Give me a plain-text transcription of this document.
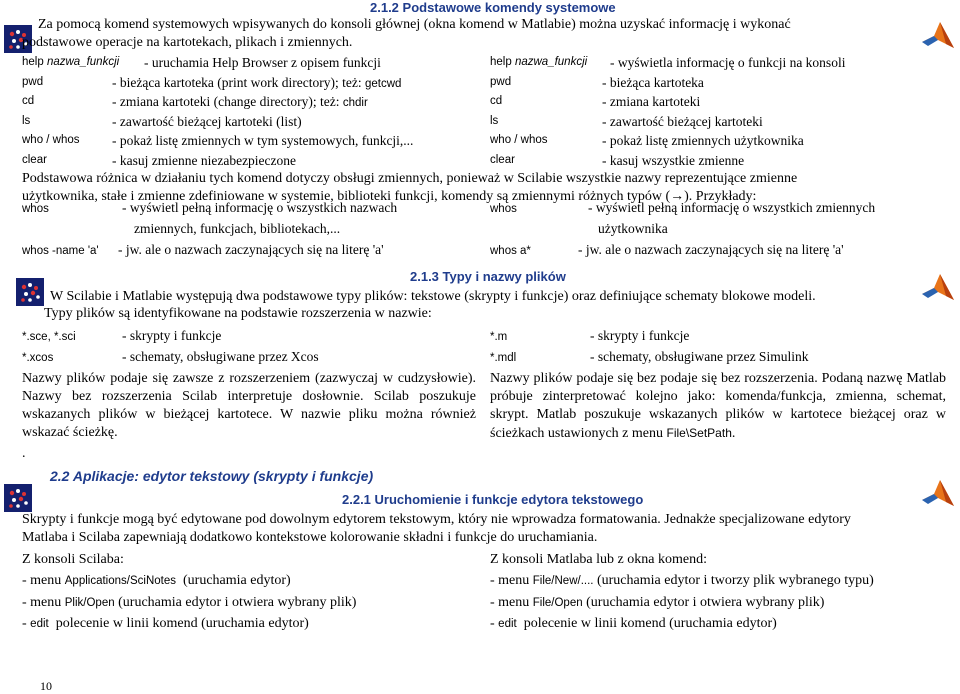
2.1.2 Podstawowe komendy systemowe
Za pomocą komend systemowych wpisywanych do konsoli głównej (okna komend w Matlabie) można uzyskać informację i wykonać
podstawowe operacje na kartotekach, plikach i zmiennych.
help nazwa_funkcji - uruchamia Help Browser z opisem funkcji
pwd	- bieżąca kartoteka (print work directory); też: getcwd
cd	- zmiana kartoteki (change directory); też: chdir
ls	- zawartość bieżącej kartoteki (list)
who / whos - pokaż listę zmiennych w tym systemowych, funkcji,...
clear	- kasuj zmienne niezabezpieczone
help nazwa_funkcji - wyświetla informację o funkcji na konsoli
pwd	- bieżąca kartoteka
cd	- zmiana kartoteki
ls	- zawartość bieżącej kartoteki
who / whos	- pokaż listę zmiennych użytkownika
clear	- kasuj wszystkie zmienne
Podstawowa różnica w działaniu tych komend dotyczy obsługi zmiennych, ponieważ w Scilabie wszystkie nazwy reprezentujące zmienne
użytkownika, stałe i zmienne zdefiniowane w systemie, biblioteki funkcji, komendy są zmiennymi różnych typów (→). Przykłady:
whos	- wyświetl pełną informację o wszystkich nazwach
zmiennych, funkcjach, bibliotekach,...
whos -name 'a' - jw. ale o nazwach zaczynających się na literę 'a'
whos	- wyświetl pełną informację o wszystkich zmiennych
użytkownika
whos a*	- jw. ale o nazwach zaczynających się na literę 'a'
2.1.3 Typy i nazwy plików
W Scilabie i Matlabie występują dwa podstawowe typy plików: tekstowe (skrypty i funkcje) oraz definiujące schematy blokowe modeli.
Typy plików są identyfikowane na podstawie rozszerzenia w nazwie:
*.sce, *.sci	- skrypty i funkcje
*.xcos	- schematy, obsługiwane przez Xcos
*.m	- skrypty i funkcje
*.mdl	- schematy, obsługiwane przez Simulink
Nazwy plików podaje się zawsze z rozszerzeniem (zazwyczaj w cudzysłowie). Nazwy bez rozszerzenia Scilab interpretuje dosłownie. Scilab poszukuje wskazanych plików w bieżącej kartotece. W nazwie pliku można również wskazać ścieżkę.
Nazwy plików podaje się bez podaje się bez rozszerzenia. Podaną nazwę Matlab próbuje zinterpretować kolejno jako: komenda/funkcja, zmienna, schemat, skrypt. Matlab poszukuje wskazanych plików w kartotece bieżącej oraz w ścieżkach ustawionych z menu File\SetPath.
.
2.2 Aplikacje: edytor tekstowy (skrypty i funkcje)
2.2.1 Uruchomienie i funkcje edytora tekstowego
Skrypty i funkcje mogą być edytowane pod dowolnym edytorem tekstowym, który nie wprowadza formatowania. Jednakże specjalizowane edytory
Matlaba i Scilaba zapewniają dodatkowo kontekstowe kolorowanie składni i funkcje do uruchamiania.
Z konsoli Scilaba:	Z konsoli Matlaba lub z okna komend:
- menu Applications/SciNotes (uruchamia edytor)
- menu Plik/Open (uruchamia edytor i otwiera wybrany plik)
- edit polecenie w linii komend (uruchamia edytor)
- menu File/New/.... (uruchamia edytor i tworzy plik wybranego typu)
- menu File/Open (uruchamia edytor i otwiera wybrany plik)
- edit polecenie w linii komend (uruchamia edytor)
10
